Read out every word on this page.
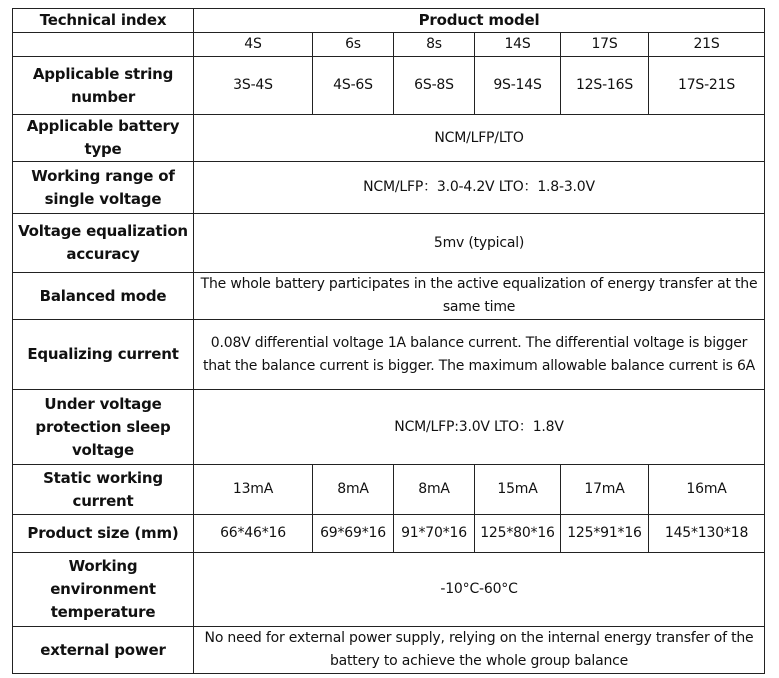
Technical index	Product model					
	4S	6s	8s	14S	17S	21S
Applicable string number	3S-4S	4S-6S	6S-8S	9S-14S	12S-16S	17S-21S
Applicable battery type	NCM/LFP/LTO					
Working range of single voltage	NCM/LFP：3.0-4.2V LTO：1.8-3.0V					
Voltage equalization accuracy	5mv (typical)					
Balanced mode	The whole battery participates in the active equalization of energy transfer at the same time					
Equalizing current	0.08V differential voltage 1A balance current. The differential voltage is bigger that the balance current is bigger. The maximum allowable balance current is 6A					
Under voltage protection sleep voltage	NCM/LFP:3.0V LTO：1.8V					
Static working current	13mA	8mA	8mA	15mA	17mA	16mA
Product size (mm)	66*46*16	69*69*16	91*70*16	125*80*16	125*91*16	145*130*18
Working environment temperature	-10°C-60°C					
external power	No need for external power supply, relying on the internal energy transfer of the battery to achieve the whole group balance					
